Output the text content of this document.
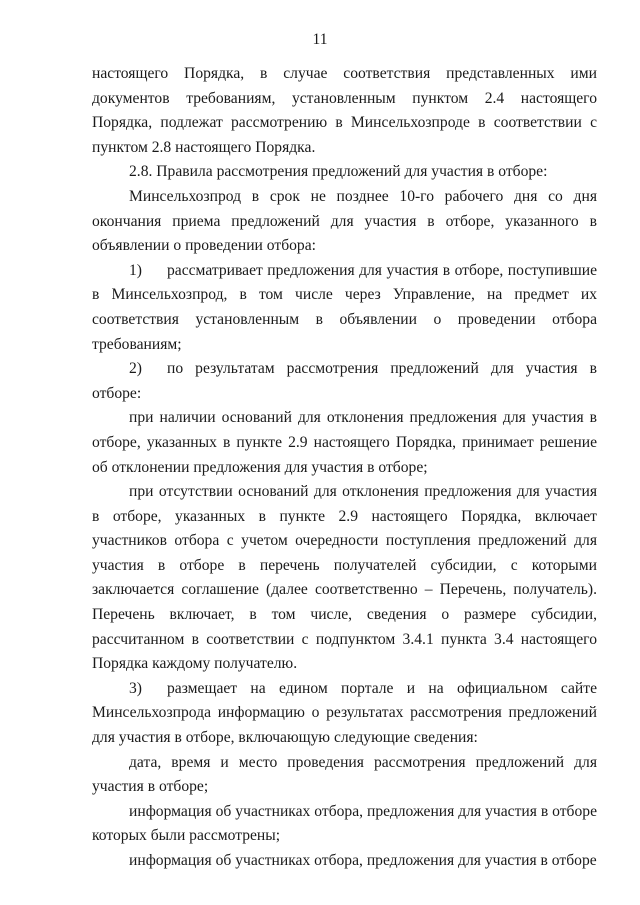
11

настоящего Порядка, в случае соответствия представленных ими документов требованиям, установленным пунктом 2.4 настоящего Порядка, подлежат рассмотрению в Минсельхозпроде в соответствии с пунктом 2.8 настоящего Порядка.

2.8. Правила рассмотрения предложений для участия в отборе:

Минсельхозпрод в срок не позднее 10-го рабочего дня со дня окончания приема предложений для участия в отборе, указанного в объявлении о проведении отбора:

1) рассматривает предложения для участия в отборе, поступившие в Минсельхозпрод, в том числе через Управление, на предмет их соответствия установленным в объявлении о проведении отбора требованиям;

2) по результатам рассмотрения предложений для участия в отборе:

при наличии оснований для отклонения предложения для участия в отборе, указанных в пункте 2.9 настоящего Порядка, принимает решение об отклонении предложения для участия в отборе;

при отсутствии оснований для отклонения предложения для участия в отборе, указанных в пункте 2.9 настоящего Порядка, включает участников отбора с учетом очередности поступления предложений для участия в отборе в перечень получателей субсидии, с которыми заключается соглашение (далее соответственно – Перечень, получатель). Перечень включает, в том числе, сведения о размере субсидии, рассчитанном в соответствии с подпунктом 3.4.1 пункта 3.4 настоящего Порядка каждому получателю.

3) размещает на едином портале и на официальном сайте Минсельхозпрода информацию о результатах рассмотрения предложений для участия в отборе, включающую следующие сведения:

дата, время и место проведения рассмотрения предложений для участия в отборе;

информация об участниках отбора, предложения для участия в отборе которых были рассмотрены;

информация об участниках отбора, предложения для участия в отборе
